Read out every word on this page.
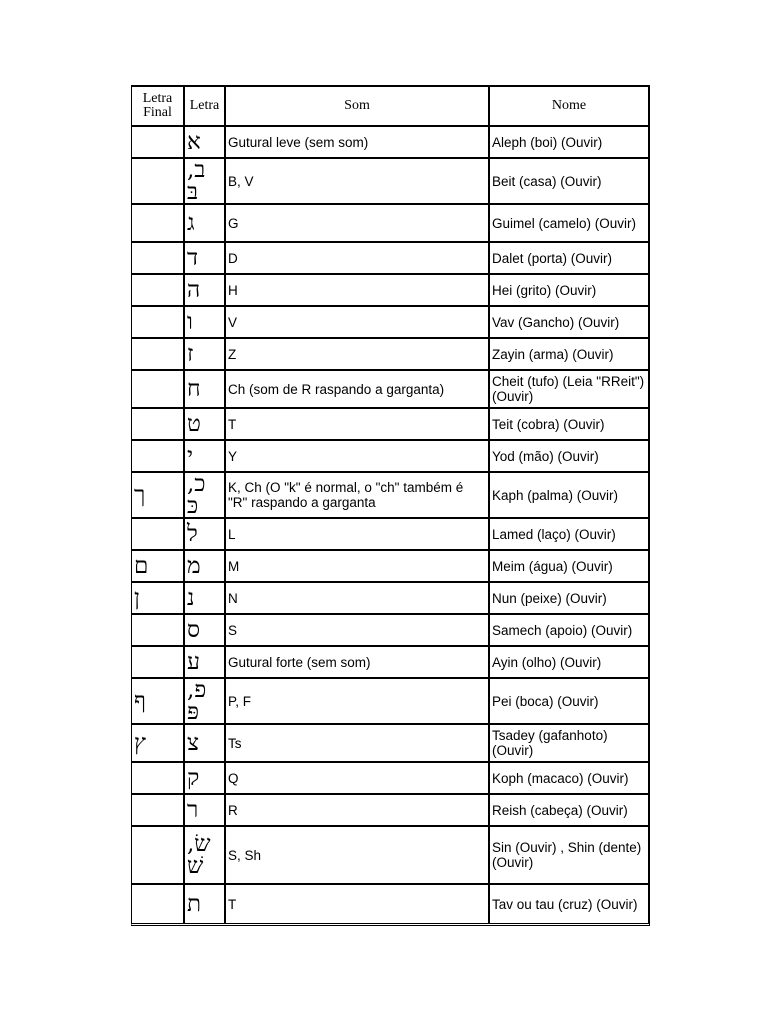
Letra Final	Letra	Som	Nome
	א	Gutural leve (sem som)	Aleph (boi) (Ouvir)
	ב, בּ	B, V	Beit (casa) (Ouvir)
	ג	G	Guimel (camelo) (Ouvir)
	ד	D	Dalet (porta) (Ouvir)
	ה	H	Hei (grito) (Ouvir)
	ו	V	Vav (Gancho) (Ouvir)
	ז	Z	Zayin (arma) (Ouvir)
	ח	Ch (som de R raspando a garganta)	Cheit (tufo) (Leia "RReit") (Ouvir)
	ט	T	Teit (cobra) (Ouvir)
	י	Y	Yod (mão) (Ouvir)
ך	כ, כּ	K, Ch (O "k" é normal, o "ch" também é "R" raspando a garganta	Kaph (palma) (Ouvir)
	ל	L	Lamed (laço) (Ouvir)
ם	מ	M	Meim (água) (Ouvir)
ן	נ	N	Nun (peixe) (Ouvir)
	ס	S	Samech (apoio) (Ouvir)
	ע	Gutural forte (sem som)	Ayin (olho) (Ouvir)
ף	פ, פּ	P, F	Pei (boca) (Ouvir)
ץ	צ	Ts	Tsadey (gafanhoto) (Ouvir)
	ק	Q	Koph (macaco) (Ouvir)
	ר	R	Reish (cabeça) (Ouvir)
	שׂ, שׁ	S, Sh	Sin (Ouvir) , Shin (dente) (Ouvir)
	ת	T	Tav ou tau (cruz) (Ouvir)
